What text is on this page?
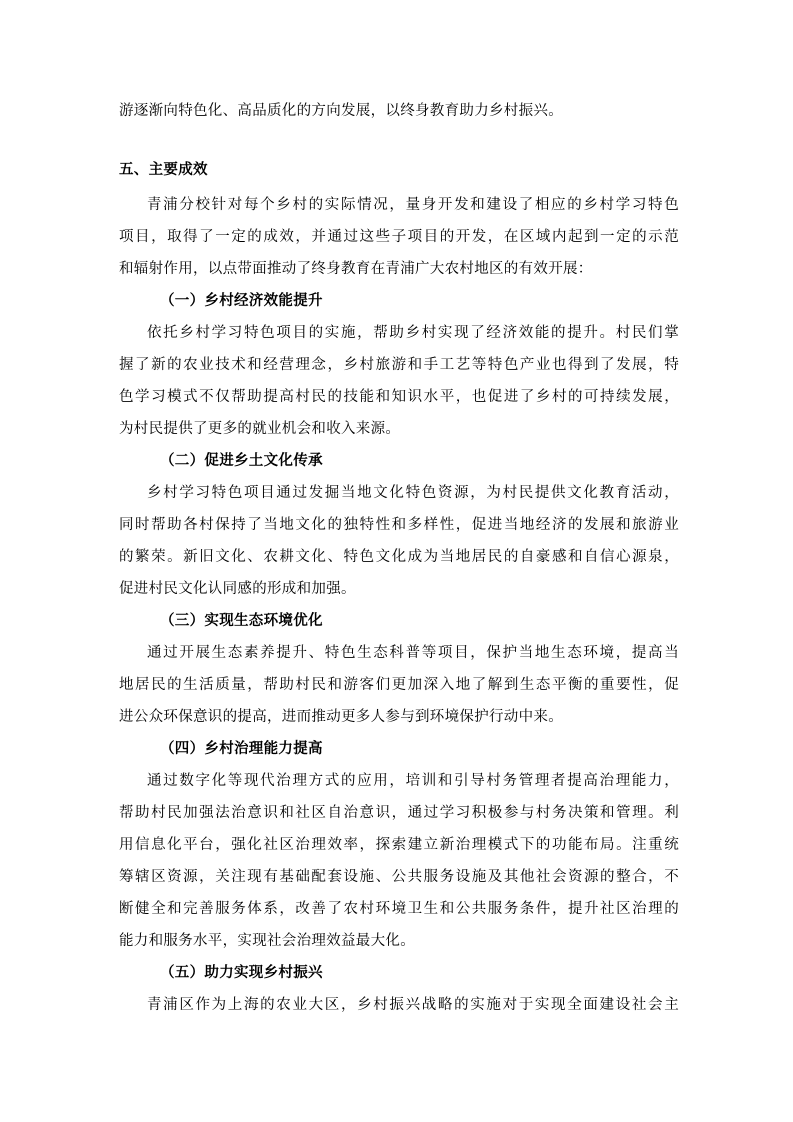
游逐渐向特色化、高品质化的方向发展，以终身教育助力乡村振兴。
五、主要成效
青浦分校针对每个乡村的实际情况，量身开发和建设了相应的乡村学习特色
项目，取得了一定的成效，并通过这些子项目的开发，在区域内起到一定的示范
和辐射作用，以点带面推动了终身教育在青浦广大农村地区的有效开展：
（一）乡村经济效能提升
依托乡村学习特色项目的实施，帮助乡村实现了经济效能的提升。村民们掌
握了新的农业技术和经营理念，乡村旅游和手工艺等特色产业也得到了发展，特
色学习模式不仅帮助提高村民的技能和知识水平，也促进了乡村的可持续发展，
为村民提供了更多的就业机会和收入来源。
（二）促进乡土文化传承
乡村学习特色项目通过发掘当地文化特色资源，为村民提供文化教育活动，
同时帮助各村保持了当地文化的独特性和多样性，促进当地经济的发展和旅游业
的繁荣。新旧文化、农耕文化、特色文化成为当地居民的自豪感和自信心源泉，
促进村民文化认同感的形成和加强。
（三）实现生态环境优化
通过开展生态素养提升、特色生态科普等项目，保护当地生态环境，提高当
地居民的生活质量，帮助村民和游客们更加深入地了解到生态平衡的重要性，促
进公众环保意识的提高，进而推动更多人参与到环境保护行动中来。
（四）乡村治理能力提高
通过数字化等现代治理方式的应用，培训和引导村务管理者提高治理能力，
帮助村民加强法治意识和社区自治意识，通过学习积极参与村务决策和管理。利
用信息化平台，强化社区治理效率，探索建立新治理模式下的功能布局。注重统
筹辖区资源，关注现有基础配套设施、公共服务设施及其他社会资源的整合，不
断健全和完善服务体系，改善了农村环境卫生和公共服务条件，提升社区治理的
能力和服务水平，实现社会治理效益最大化。
（五）助力实现乡村振兴
青浦区作为上海的农业大区，乡村振兴战略的实施对于实现全面建设社会主
